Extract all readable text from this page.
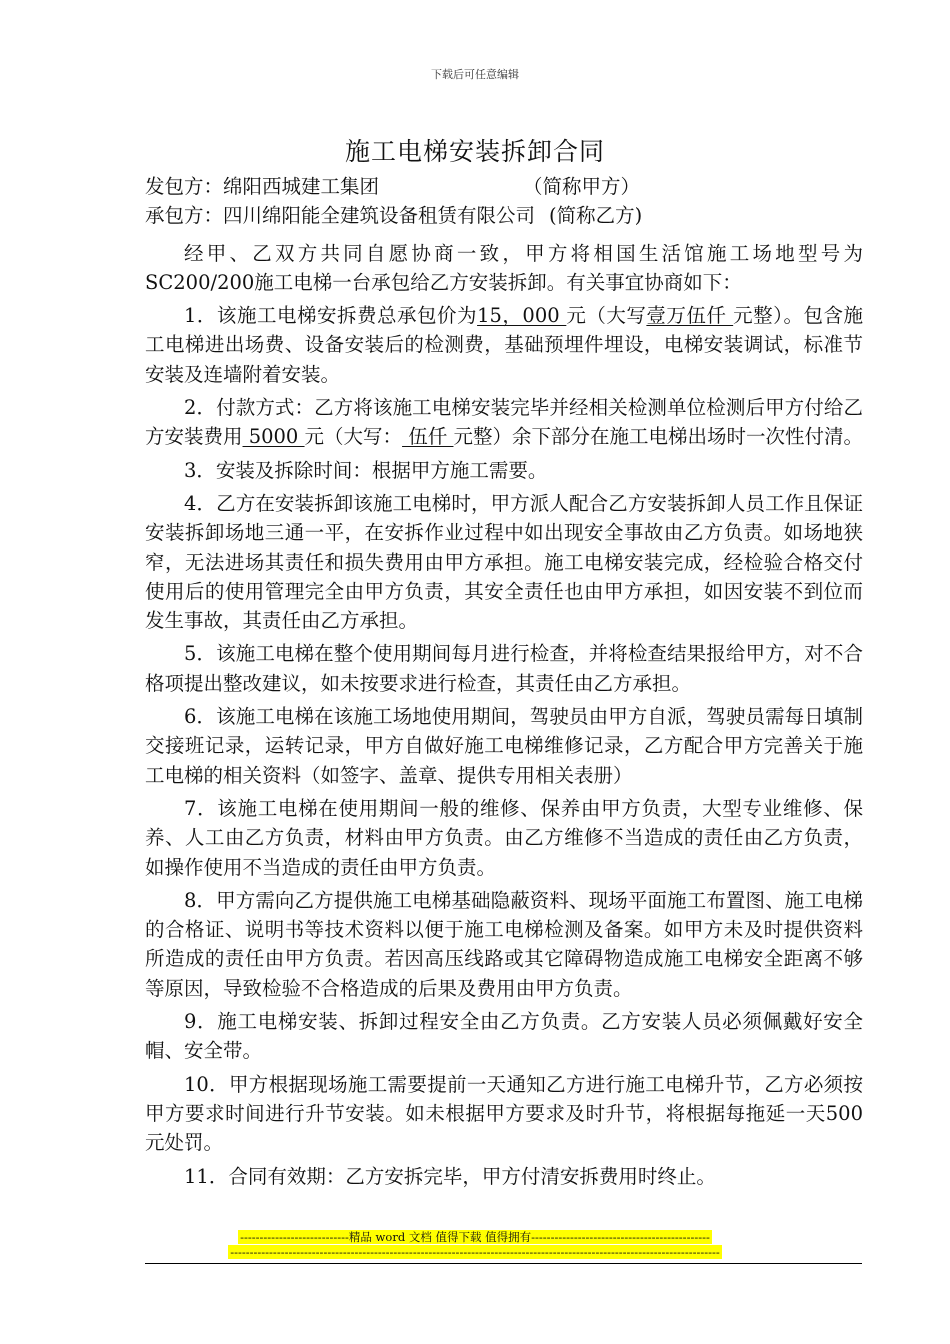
下载后可任意编辑
施工电梯安装拆卸合同
发包方：绵阳西城建工集团	（简称甲方）
承包方：四川绵阳能全建筑设备租赁有限公司 (简称乙方)

经甲、乙双方共同自愿协商一致，甲方将相国生活馆施工场地型号为SC200/200施工电梯一台承包给乙方安装拆卸。有关事宜协商如下：

1．该施工电梯安拆费总承包价为15，000 元（大写壹万伍仟 元整）。包含施工电梯进出场费、设备安装后的检测费，基础预埋件埋设，电梯安装调试，标准节安装及连墙附着安装。

2．付款方式：乙方将该施工电梯安装完毕并经相关检测单位检测后甲方付给乙方安装费用 5000 元（大写： 伍仟 元整）余下部分在施工电梯出场时一次性付清。

3．安装及拆除时间：根据甲方施工需要。

4．乙方在安装拆卸该施工电梯时，甲方派人配合乙方安装拆卸人员工作且保证安装拆卸场地三通一平，在安拆作业过程中如出现安全事故由乙方负责。如场地狭窄，无法进场其责任和损失费用由甲方承担。施工电梯安装完成，经检验合格交付使用后的使用管理完全由甲方负责，其安全责任也由甲方承担，如因安装不到位而发生事故，其责任由乙方承担。

5．该施工电梯在整个使用期间每月进行检查，并将检查结果报给甲方，对不合格项提出整改建议，如未按要求进行检查，其责任由乙方承担。

6．该施工电梯在该施工场地使用期间，驾驶员由甲方自派，驾驶员需每日填制交接班记录，运转记录，甲方自做好施工电梯维修记录，乙方配合甲方完善关于施工电梯的相关资料（如签字、盖章、提供专用相关表册）

7．该施工电梯在使用期间一般的维修、保养由甲方负责，大型专业维修、保养、人工由乙方负责，材料由甲方负责。由乙方维修不当造成的责任由乙方负责，如操作使用不当造成的责任由甲方负责。

8．甲方需向乙方提供施工电梯基础隐蔽资料、现场平面施工布置图、施工电梯的合格证、说明书等技术资料以便于施工电梯检测及备案。如甲方未及时提供资料所造成的责任由甲方负责。若因高压线路或其它障碍物造成施工电梯安全距离不够等原因，导致检验不合格造成的后果及费用由甲方负责。

9．施工电梯安装、拆卸过程安全由乙方负责。乙方安装人员必须佩戴好安全帽、安全带。

10．甲方根据现场施工需要提前一天通知乙方进行施工电梯升节，乙方必须按甲方要求时间进行升节安装。如未根据甲方要求及时升节，将根据每拖延一天500元处罚。

11．合同有效期：乙方安拆完毕，甲方付清安拆费用时终止。

----------------------------精品 word 文档 值得下载 值得拥有----------------------------------------------
------------------------------------------------------------------------------------------------------------------------------
